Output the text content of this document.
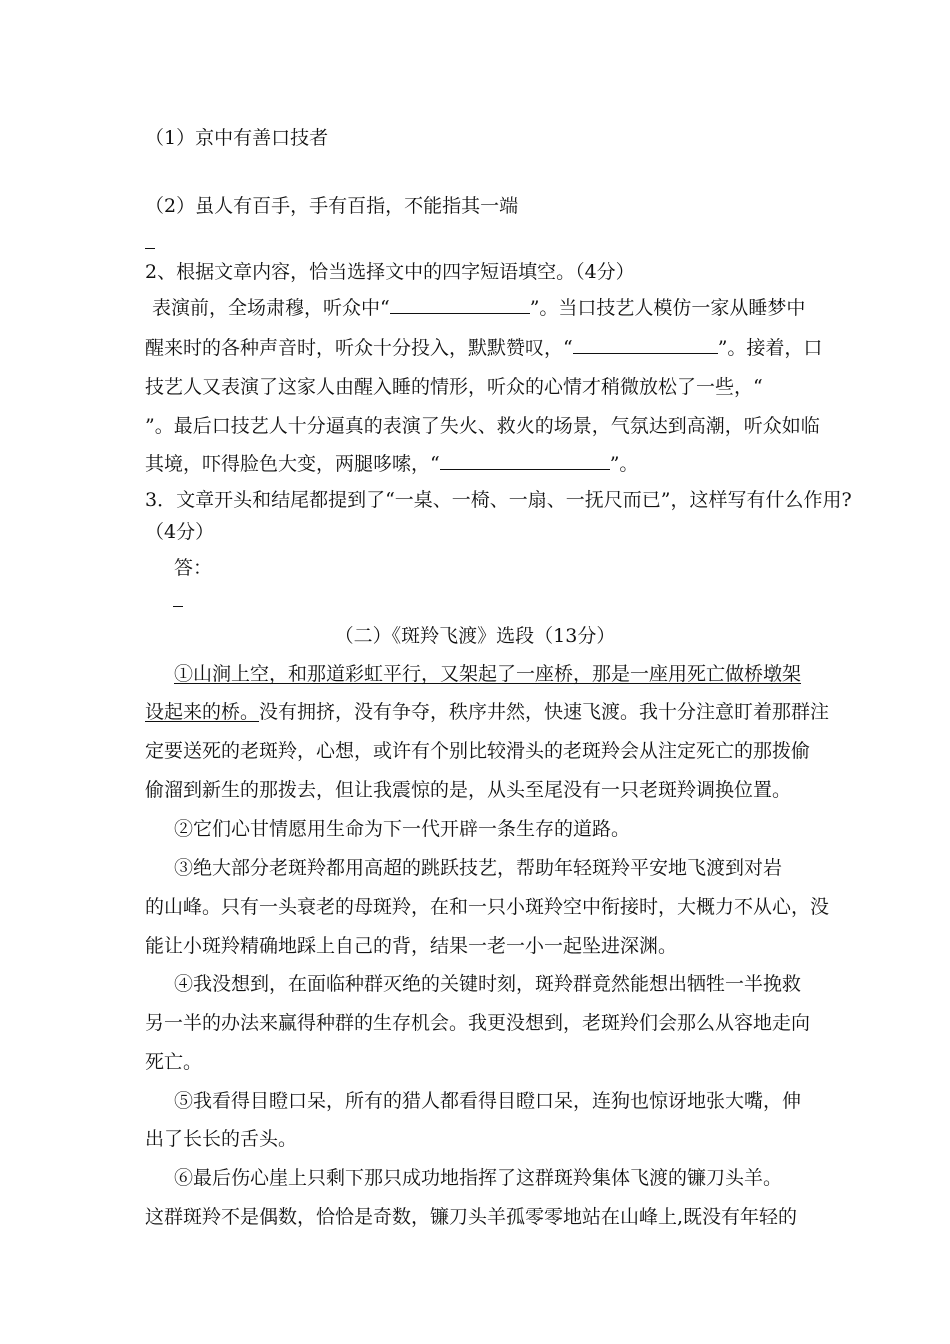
（1）京中有善口技者
（2）虽人有百手，手有百指，不能指其一端
2、根据文章内容，恰当选择文中的四字短语填空。（4分）
表演前，全场肃穆，听众中“	”。当口技艺人模仿一家从睡梦中
醒来时的各种声音时，听众十分投入，默默赞叹，“	”。接着，口
技艺人又表演了这家人由醒入睡的情形，听众的心情才稍微放松了一些，“
”。最后口技艺人十分逼真的表演了失火、救火的场景，气氛达到高潮，听众如临
其境，吓得脸色大变，两腿哆嗦，“	”。
3．文章开头和结尾都提到了“一桌、一椅、一扇、一抚尺而已”，这样写有什么作用?
（4分）
答：
（二）《斑羚飞渡》选段（13分）
①山涧上空，和那道彩虹平行，又架起了一座桥，那是一座用死亡做桥墩架
设起来的桥。没有拥挤，没有争夺，秩序井然，快速飞渡。我十分注意盯着那群注
定要送死的老斑羚，心想，或许有个别比较滑头的老斑羚会从注定死亡的那拨偷
偷溜到新生的那拨去，但让我震惊的是，从头至尾没有一只老斑羚调换位置。
②它们心甘情愿用生命为下一代开辟一条生存的道路。
③绝大部分老斑羚都用高超的跳跃技艺，帮助年轻斑羚平安地飞渡到对岩
的山峰。只有一头衰老的母斑羚，在和一只小斑羚空中衔接时，大概力不从心，没
能让小斑羚精确地踩上自己的背，结果一老一小一起坠进深渊。
④我没想到，在面临种群灭绝的关键时刻，斑羚群竟然能想出牺牲一半挽救
另一半的办法来赢得种群的生存机会。我更没想到，老斑羚们会那么从容地走向
死亡。
⑤我看得目瞪口呆，所有的猎人都看得目瞪口呆，连狗也惊讶地张大嘴，伸
出了长长的舌头。
⑥最后伤心崖上只剩下那只成功地指挥了这群斑羚集体飞渡的镰刀头羊。
这群斑羚不是偶数，恰恰是奇数，镰刀头羊孤零零地站在山峰上,既没有年轻的
